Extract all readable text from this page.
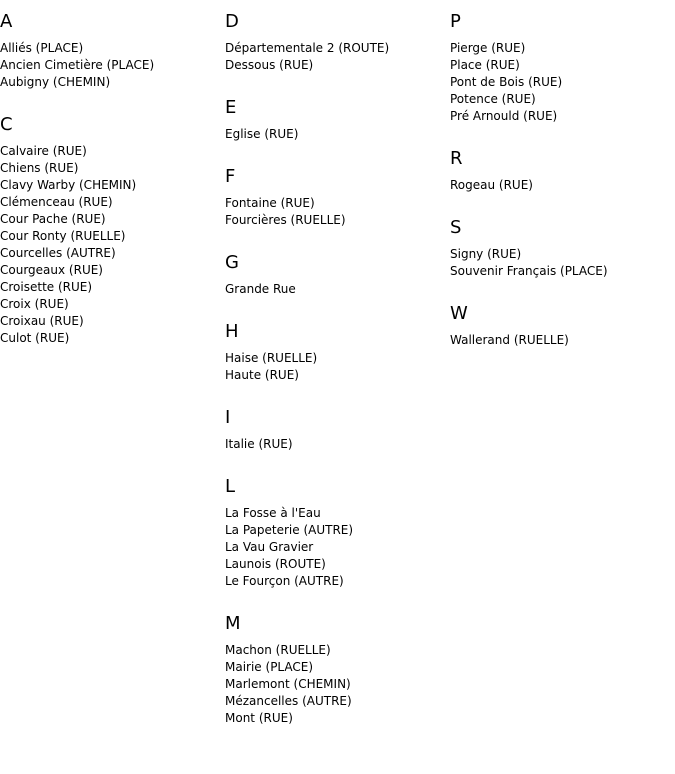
A
Alliés (PLACE)
Ancien Cimetière (PLACE)
Aubigny (CHEMIN)
C
Calvaire (RUE)
Chiens (RUE)
Clavy Warby (CHEMIN)
Clémenceau (RUE)
Cour Pache (RUE)
Cour Ronty (RUELLE)
Courcelles (AUTRE)
Courgeaux (RUE)
Croisette (RUE)
Croix (RUE)
Croixau (RUE)
Culot (RUE)
D
Départementale 2 (ROUTE)
Dessous (RUE)
E
Eglise (RUE)
F
Fontaine (RUE)
Fourcières (RUELLE)
G
Grande Rue
H
Haise (RUELLE)
Haute (RUE)
I
Italie (RUE)
L
La Fosse à l'Eau
La Papeterie (AUTRE)
La Vau Gravier
Launois (ROUTE)
Le Fourçon (AUTRE)
M
Machon (RUELLE)
Mairie (PLACE)
Marlemont (CHEMIN)
Mézancelles (AUTRE)
Mont (RUE)
P
Pierge (RUE)
Place (RUE)
Pont de Bois (RUE)
Potence (RUE)
Pré Arnould (RUE)
R
Rogeau (RUE)
S
Signy (RUE)
Souvenir Français (PLACE)
W
Wallerand (RUELLE)
